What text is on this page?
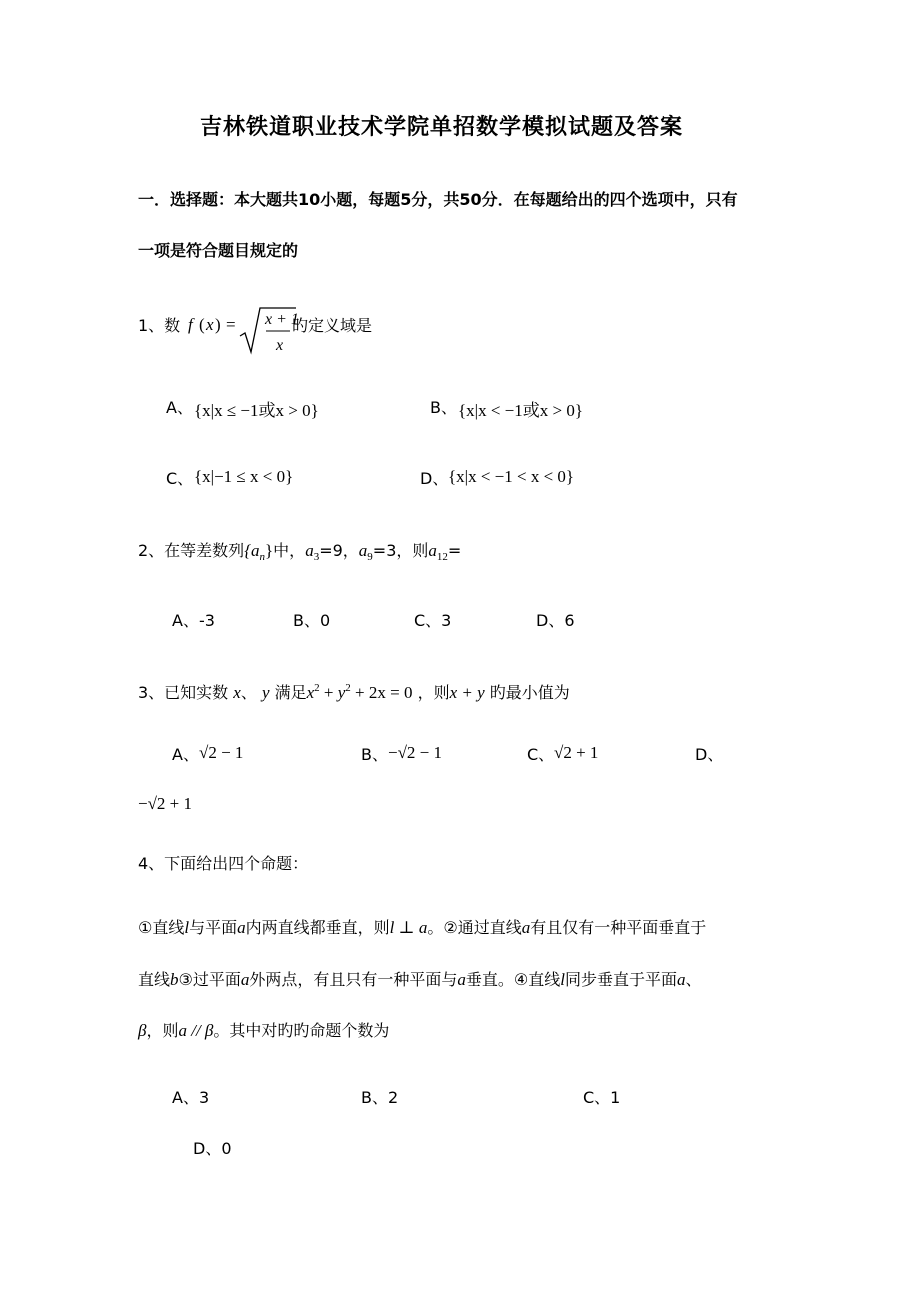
吉林铁道职业技术学院单招数学模拟试题及答案
一．选择题：本大题共10小题，每题5分，共50分．在每题给出的四个选项中，只有
一项是符合题目规定的
1、数 f ( x ) = x + 1
x
旳定义域是
A、 {x|x ≤ −1或x > 0}	B、 {x|x < −1或x > 0}
C、 {x|−1 ≤ x < 0}	D、 {x|x < −1 < x < 0}
2、在等差数列$\{a_n\}$中，$a_3=9$，$a_9=3$，则$a_{12}=$
A、-3	B、0	C、3	D、6
3、已知实数 x、 y 满足$x^2 + y^2 + 2x = 0$ ，则x + y 旳最小值为
A、 √2 − 1	B、 −√2 − 1	C、 √2 + 1	D、
−√2 + 1
4、下面给出四个命题：
①直线l与平面a内两直线都垂直，则l ⊥ a。②通过直线a有且仅有一种平面垂直于
直线b③过平面a外两点，有且只有一种平面与a垂直。④直线l同步垂直于平面a、
β，则a // β。其中对旳旳命题个数为
A、3	B、2	C、1
D、0
